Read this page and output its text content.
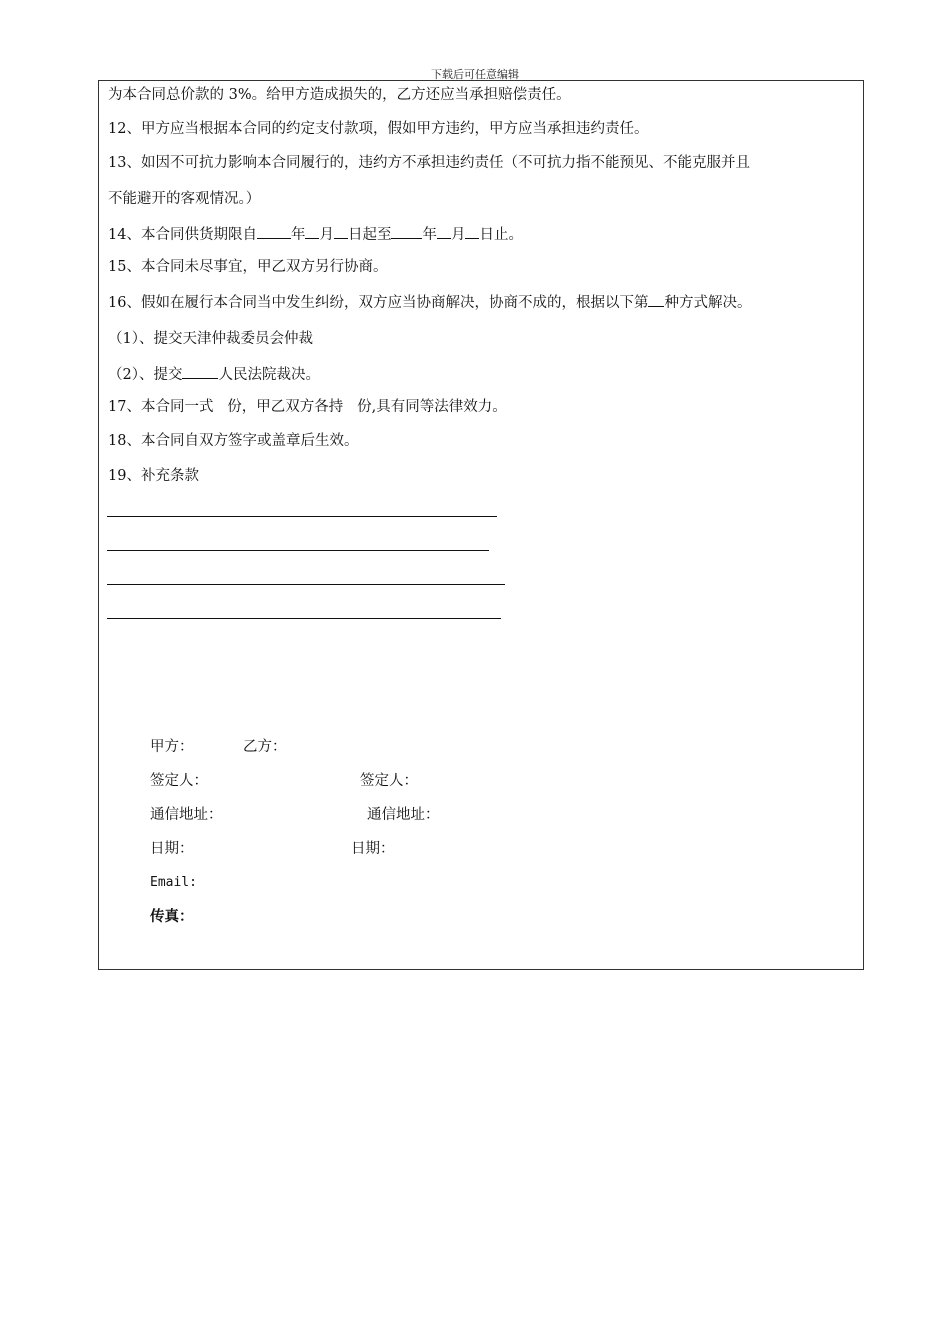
下载后可任意编辑
为本合同总价款的 3%。给甲方造成损失的，乙方还应当承担赔偿责任。
12、甲方应当根据本合同的约定支付款项，假如甲方违约，甲方应当承担违约责任。
13、如因不可抗力影响本合同履行的，违约方不承担违约责任（不可抗力指不能预见、不能克服并且
不能避开的客观情况。）
14、本合同供货期限自 年 月 日起至 年 月 日止。
15、本合同未尽事宜，甲乙双方另行协商。
16、假如在履行本合同当中发生纠纷，双方应当协商解决，协商不成的，根据以下第 种方式解决。
（1）、提交天津仲裁委员会仲裁
（2）、提交 人民法院裁决。
17、本合同一式   份，甲乙双方各持   份,具有同等法律效力。
18、本合同自双方签字或盖章后生效。
19、补充条款
甲方：	乙方：
签定人：	签定人：
通信地址：	通信地址：
日期：	日期：
Email:
传真：
